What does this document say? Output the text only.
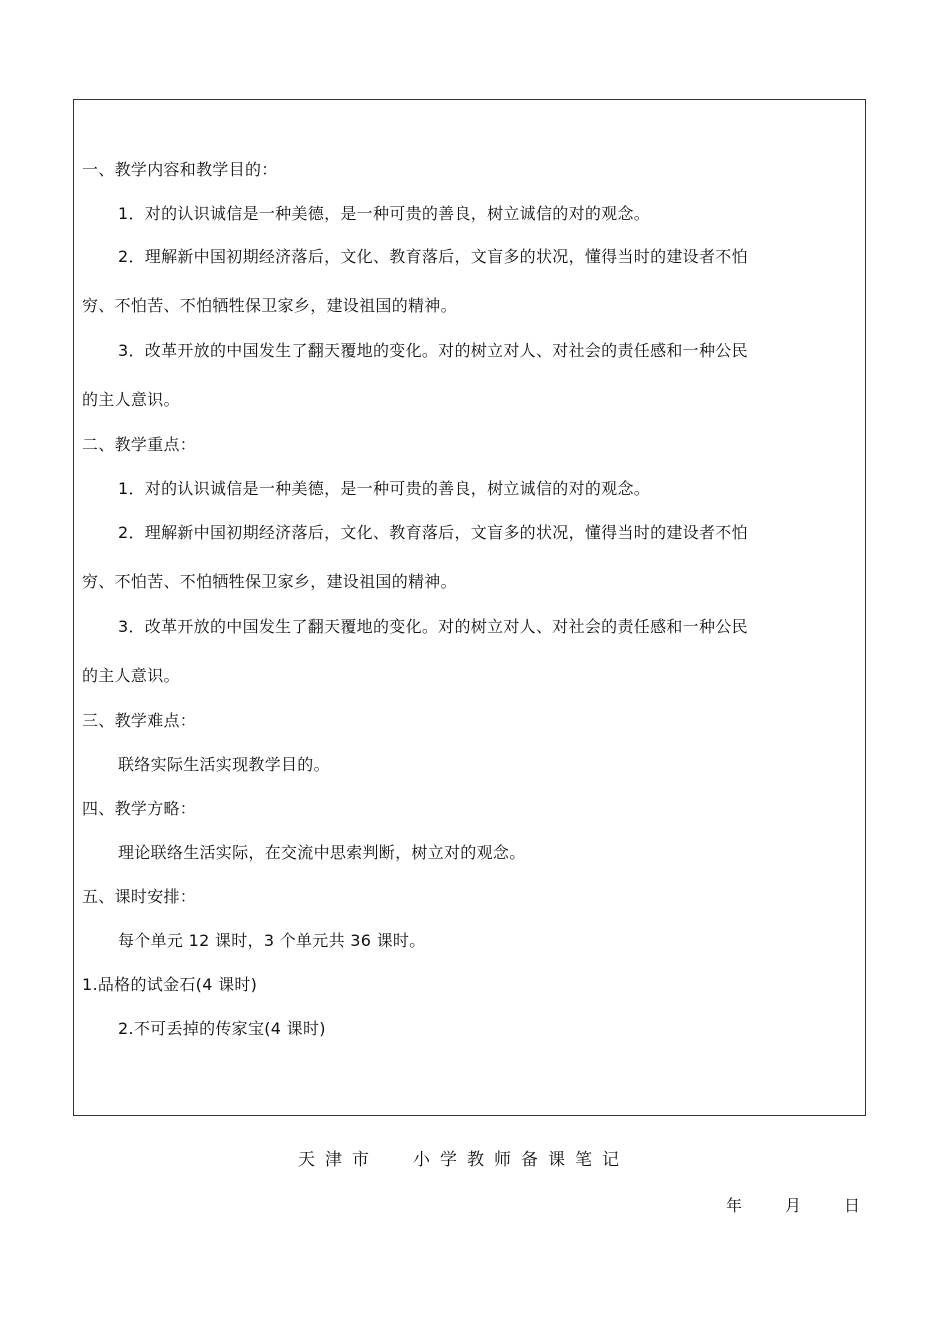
一、教学内容和教学目的：
1．对的认识诚信是一种美德，是一种可贵的善良，树立诚信的对的观念。
2．理解新中国初期经济落后，文化、教育落后，文盲多的状况，懂得当时的建设者不怕
穷、不怕苦、不怕牺牲保卫家乡，建设祖国的精神。
3．改革开放的中国发生了翻天覆地的变化。对的树立对人、对社会的责任感和一种公民
的主人意识。
二、教学重点：
1．对的认识诚信是一种美德，是一种可贵的善良，树立诚信的对的观念。
2．理解新中国初期经济落后，文化、教育落后，文盲多的状况，懂得当时的建设者不怕
穷、不怕苦、不怕牺牲保卫家乡，建设祖国的精神。
3．改革开放的中国发生了翻天覆地的变化。对的树立对人、对社会的责任感和一种公民
的主人意识。
三、教学难点：
联络实际生活实现教学目的。
四、教学方略：
理论联络生活实际，在交流中思索判断，树立对的观念。
五、课时安排：
每个单元 12 课时，3 个单元共 36 课时。
1.品格的试金石(4 课时)
2.不可丢掉的传家宝(4 课时)
天津市 小学教师备课笔记
年	月	日
